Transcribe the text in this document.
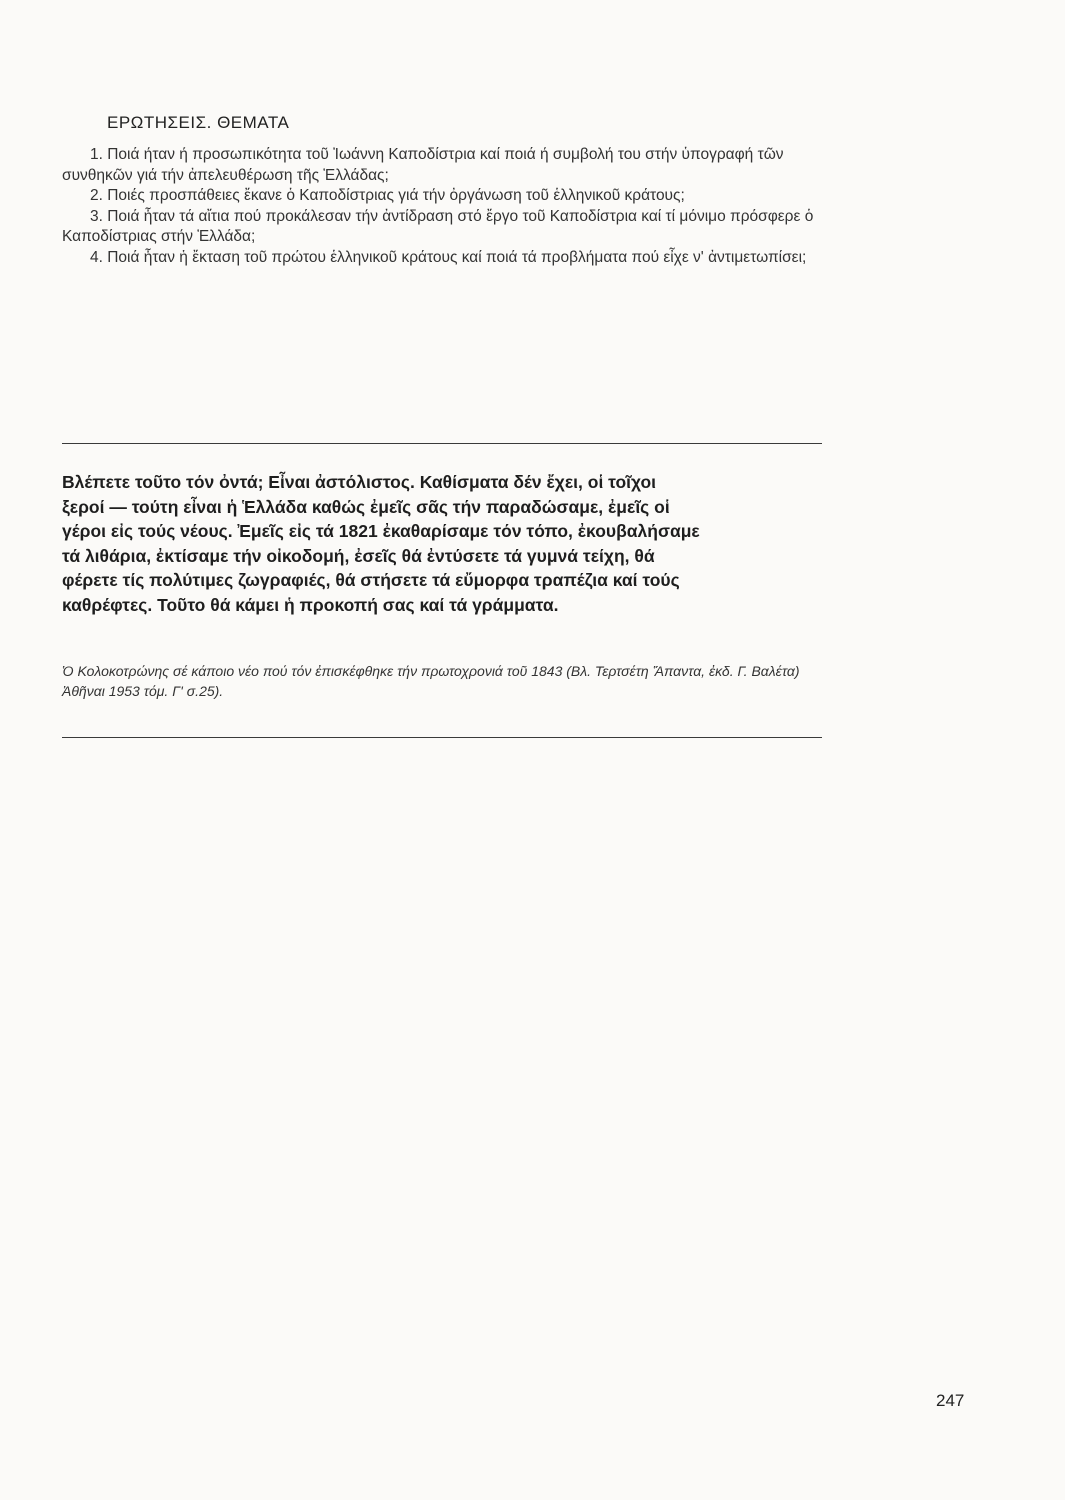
ΕΡΩΤΗΣΕΙΣ. ΘΕΜΑΤΑ
1. Ποιά ήταν ή προσωπικότητα τοῦ Ἰωάννη Καποδίστρια καί ποιά ή συμβολή του στήν ὑπογραφή τῶν συνθηκῶν γιά τήν ἀπελευθέρωση τῆς Ἑλλάδας;
2. Ποιές προσπάθειες ἔκανε ὁ Καποδίστριας γιά τήν ὀργάνωση τοῦ ἑλληνικοῦ κράτους;
3. Ποιά ἦταν τά αἴτια πού προκάλεσαν τήν ἀντίδραση στό ἔργο τοῦ Καποδίστρια καί τί μόνιμο πρόσφερε ὁ Καποδίστριας στήν Ἑλλάδα;
4. Ποιά ἦταν ἡ ἔκταση τοῦ πρώτου ἑλληνικοῦ κράτους καί ποιά τά προβλήματα πού εἶχε ν' ἀντιμετωπίσει;

Βλέπετε τοῦτο τόν ὀντά; Εἶναι ἀστόλιστος. Καθίσματα δέν ἔχει, οἱ τοῖχοι ξεροί — τούτη εἶναι ἡ Ἑλλάδα καθώς ἐμεῖς σᾶς τήν παραδώσαμε, ἐμεῖς οἱ γέροι εἰς τούς νέους. Ἐμεῖς εἰς τά 1821 ἐκαθαρίσαμε τόν τόπο, ἐκουβαλήσαμε τά λιθάρια, ἐκτίσαμε τήν οἰκοδομή, ἐσεῖς θά ἐντύσετε τά γυμνά τείχη, θά φέρετε τίς πολύτιμες ζωγραφιές, θά στήσετε τά εὔμορφα τραπέζια καί τούς καθρέφτες. Τοῦτο θά κάμει ἡ προκοπή σας καί τά γράμματα.

Ὁ Κολοκοτρώνης σέ κάποιο νέο πού τόν ἐπισκέφθηκε τήν πρωτοχρονιά τοῦ 1843 (Βλ. Τερτσέτη Ἅπαντα, ἐκδ. Γ. Βαλέτα) Ἀθῆναι 1953 τόμ. Γ' σ.25).

247
